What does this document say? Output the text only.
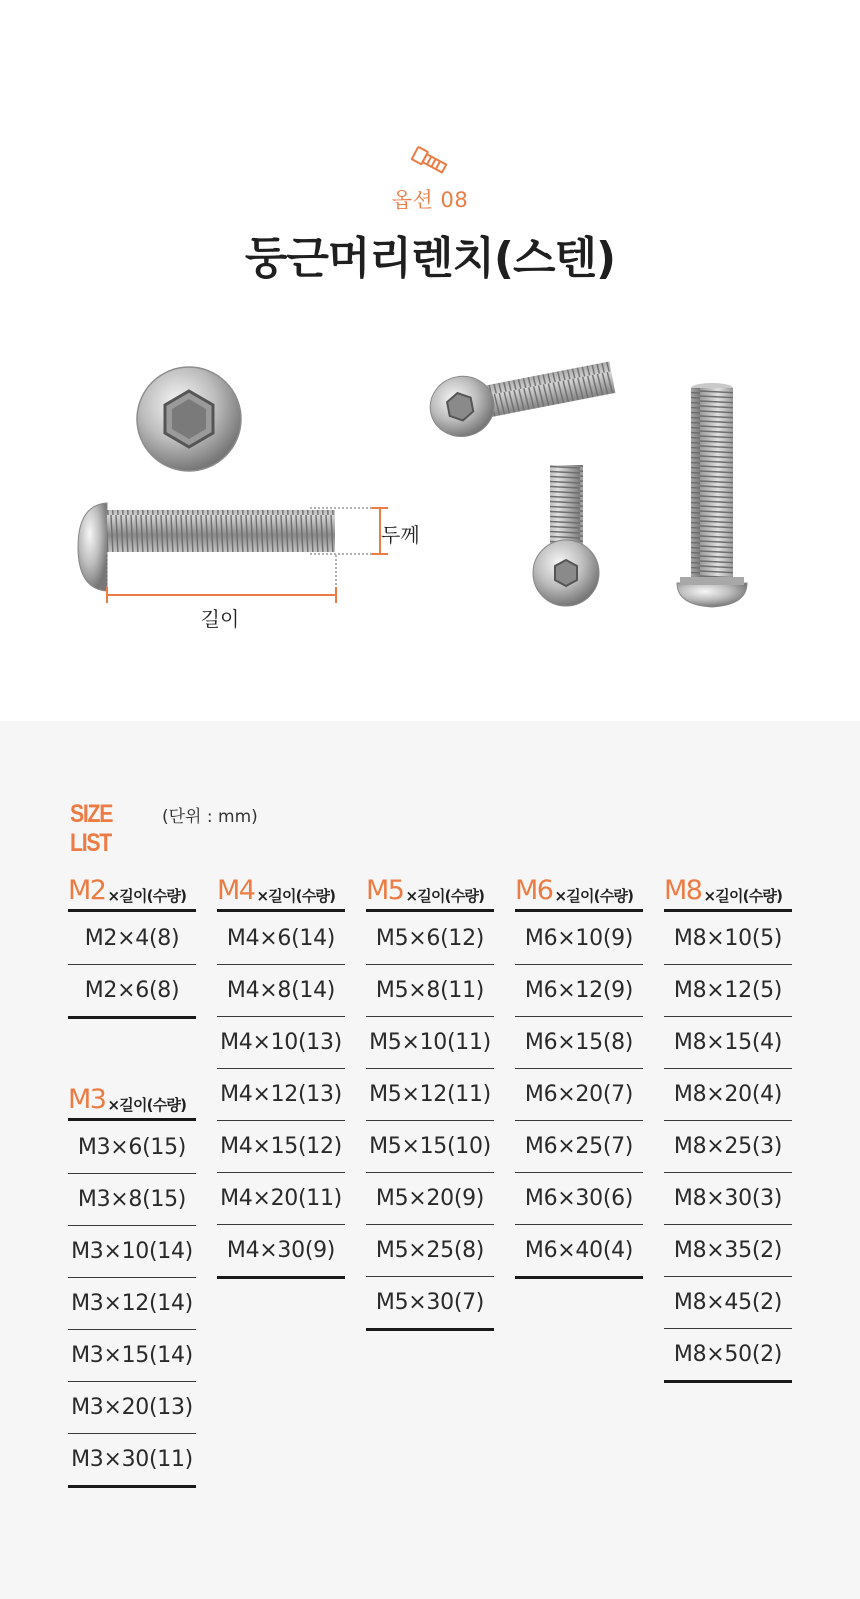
옵션 08
둥근머리렌치(스텐)
두께
길이
SIZE LIST
(단위 : mm)
M2 ×길이(수량)
M2×4(8)
M2×6(8)
M3 ×길이(수량)
M3×6(15)
M3×8(15)
M3×10(14)
M3×12(14)
M3×15(14)
M3×20(13)
M3×30(11)
M4 ×길이(수량)
M4×6(14)
M4×8(14)
M4×10(13)
M4×12(13)
M4×15(12)
M4×20(11)
M4×30(9)
M5 ×길이(수량)
M5×6(12)
M5×8(11)
M5×10(11)
M5×12(11)
M5×15(10)
M5×20(9)
M5×25(8)
M5×30(7)
M6 ×길이(수량)
M6×10(9)
M6×12(9)
M6×15(8)
M6×20(7)
M6×25(7)
M6×30(6)
M6×40(4)
M8 ×길이(수량)
M8×10(5)
M8×12(5)
M8×15(4)
M8×20(4)
M8×25(3)
M8×30(3)
M8×35(2)
M8×45(2)
M8×50(2)
